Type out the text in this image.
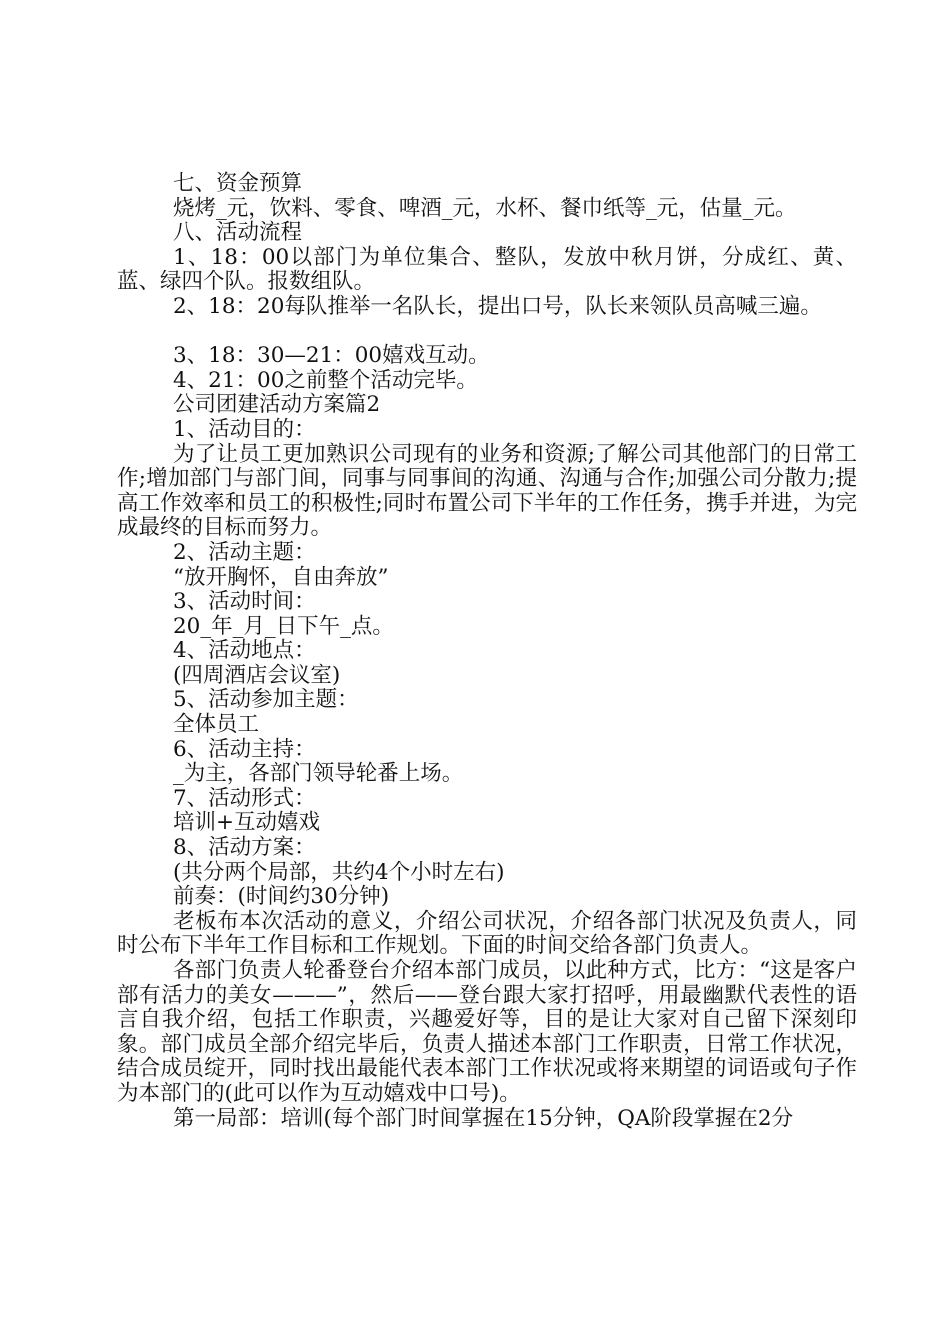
七、资金预算

烧烤_元，饮料、零食、啤酒_元，水杯、餐巾纸等_元，估量_元。

八、活动流程

1、18：00以部门为单位集合、整队，发放中秋月饼，分成红、黄、蓝、绿四个队。报数组队。

2、18：20每队推举一名队长，提出口号，队长来领队员高喊三遍。

3、18：30—21：00嬉戏互动。

4、21：00之前整个活动完毕。

公司团建活动方案篇2

1、活动目的：

为了让员工更加熟识公司现有的业务和资源;了解公司其他部门的日常工作;增加部门与部门间，同事与同事间的沟通、沟通与合作;加强公司分散力;提高工作效率和员工的积极性;同时布置公司下半年的工作任务，携手并进，为完成最终的目标而努力。

2、活动主题：

“放开胸怀，自由奔放”

3、活动时间：

20_年_月_日下午_点。

4、活动地点：

(四周酒店会议室)

5、活动参加主题：

全体员工

6、活动主持：

_为主，各部门领导轮番上场。

7、活动形式：

培训+互动嬉戏

8、活动方案：

(共分两个局部，共约4个小时左右)

前奏：(时间约30分钟)

老板布本次活动的意义，介绍公司状况，介绍各部门状况及负责人，同时公布下半年工作目标和工作规划。下面的时间交给各部门负责人。

各部门负责人轮番登台介绍本部门成员，以此种方式，比方：“这是客户部有活力的美女———”，然后——登台跟大家打招呼，用最幽默代表性的语言自我介绍，包括工作职责，兴趣爱好等，目的是让大家对自己留下深刻印象。部门成员全部介绍完毕后，负责人描述本部门工作职责，日常工作状况，结合成员绽开，同时找出最能代表本部门工作状况或将来期望的词语或句子作为本部门的(此可以作为互动嬉戏中口号)。

第一局部：培训(每个部门时间掌握在15分钟，QA阶段掌握在2分
